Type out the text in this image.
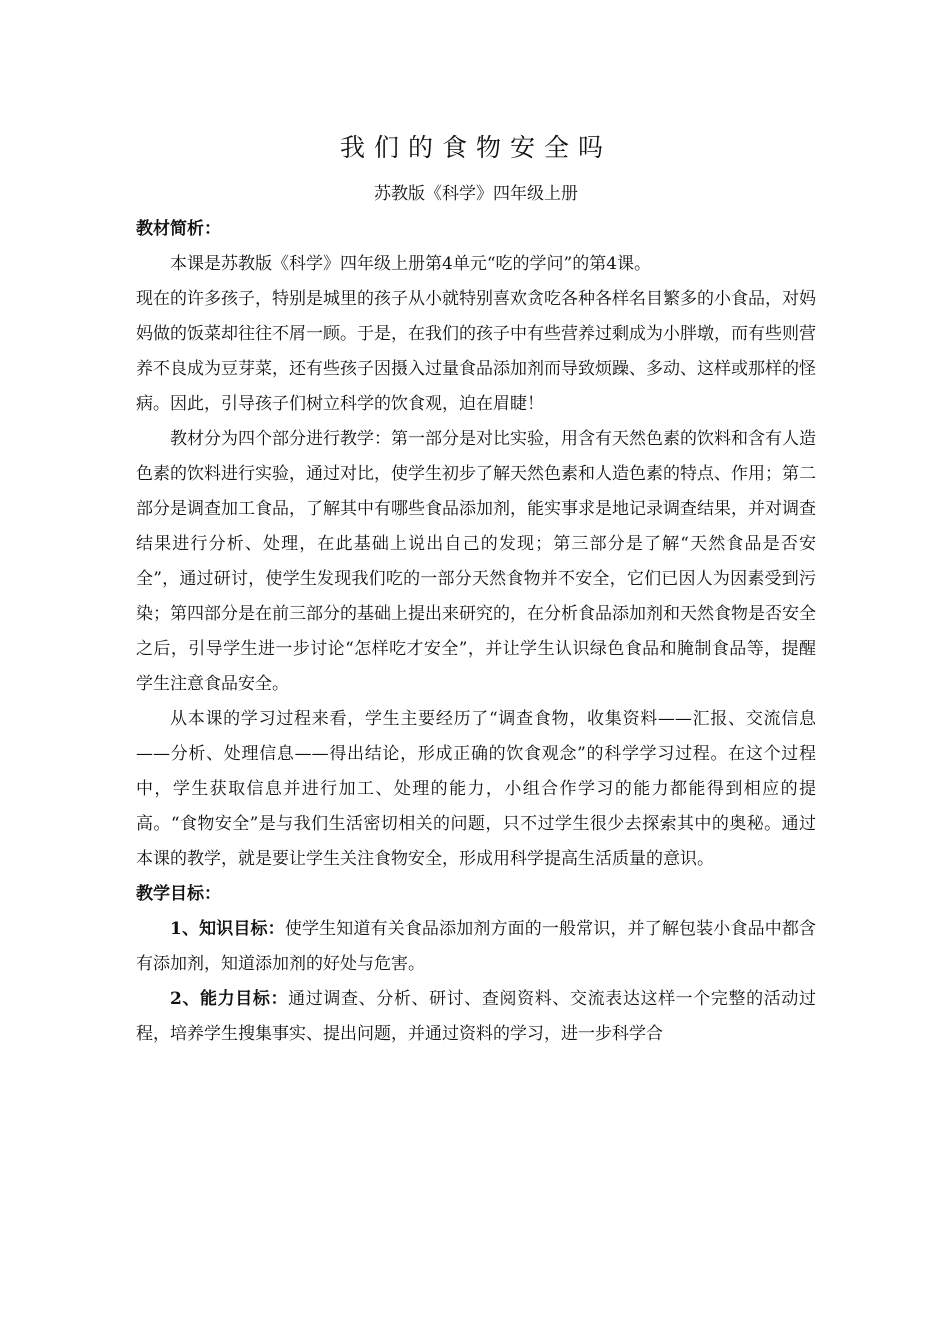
我们的食物安全吗
苏教版《科学》四年级上册
教材简析：

本课是苏教版《科学》四年级上册第4单元“吃的学问”的第4课。

现在的许多孩子，特别是城里的孩子从小就特别喜欢贪吃各种各样名目繁多的小食品，对妈妈做的饭菜却往往不屑一顾。于是，在我们的孩子中有些营养过剩成为小胖墩，而有些则营养不良成为豆芽菜，还有些孩子因摄入过量食品添加剂而导致烦躁、多动、这样或那样的怪病。因此，引导孩子们树立科学的饮食观，迫在眉睫！

教材分为四个部分进行教学：第一部分是对比实验，用含有天然色素的饮料和含有人造色素的饮料进行实验，通过对比，使学生初步了解天然色素和人造色素的特点、作用；第二部分是调查加工食品，了解其中有哪些食品添加剂，能实事求是地记录调查结果，并对调查结果进行分析、处理，在此基础上说出自己的发现；第三部分是了解“天然食品是否安全”，通过研讨，使学生发现我们吃的一部分天然食物并不安全，它们已因人为因素受到污染；第四部分是在前三部分的基础上提出来研究的，在分析食品添加剂和天然食物是否安全之后，引导学生进一步讨论“怎样吃才安全”，并让学生认识绿色食品和腌制食品等，提醒学生注意食品安全。

从本课的学习过程来看，学生主要经历了“调查食物，收集资料——汇报、交流信息——分析、处理信息——得出结论，形成正确的饮食观念”的科学学习过程。在这个过程中，学生获取信息并进行加工、处理的能力，小组合作学习的能力都能得到相应的提高。“食物安全”是与我们生活密切相关的问题，只不过学生很少去探索其中的奥秘。通过本课的教学，就是要让学生关注食物安全，形成用科学提高生活质量的意识。

教学目标：

1、知识目标：使学生知道有关食品添加剂方面的一般常识，并了解包装小食品中都含有添加剂，知道添加剂的好处与危害。

2、能力目标：通过调查、分析、研讨、查阅资料、交流表达这样一个完整的活动过程，培养学生搜集事实、提出问题，并通过资料的学习，进一步科学合
